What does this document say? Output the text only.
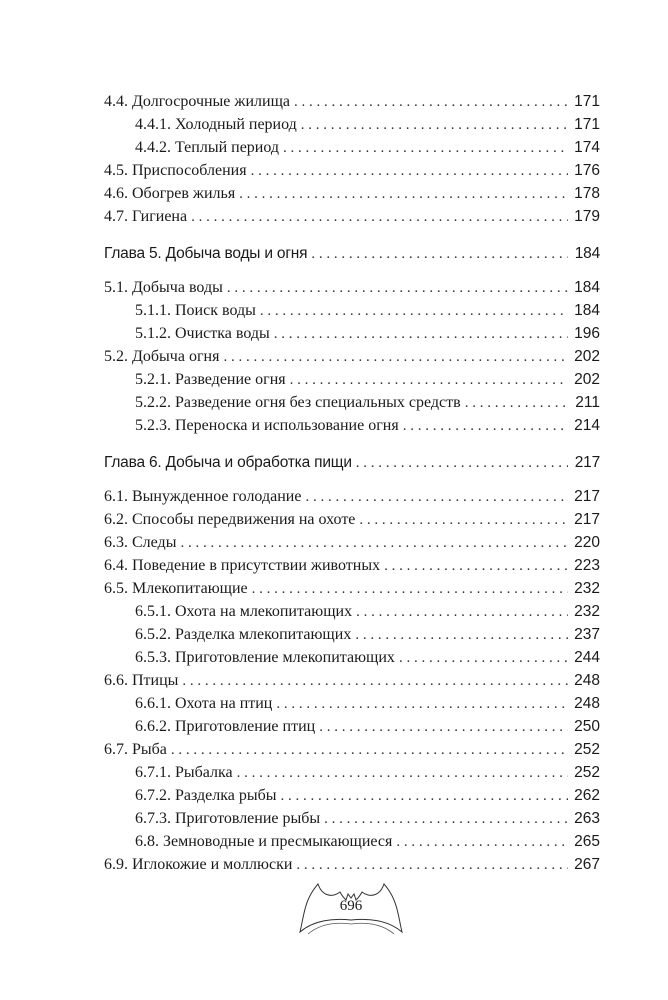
4.4. Долгосрочные жилища . . .	171
4.4.1. Холодный период . . .	171
4.4.2. Теплый период . . .	174
4.5. Приспособления . . .	176
4.6. Обогрев жилья . . .	178
4.7. Гигиена . . .	179
Глава 5. Добыча воды и огня . . .	184
5.1. Добыча воды . . .	184
5.1.1. Поиск воды . . .	184
5.1.2. Очистка воды . . .	196
5.2. Добыча огня . . .	202
5.2.1. Разведение огня . . .	202
5.2.2. Разведение огня без специальных средств . . .	211
5.2.3. Переноска и использование огня . . .	214
Глава 6. Добыча и обработка пищи . . .	217
6.1. Вынужденное голодание . . .	217
6.2. Способы передвижения на охоте . . .	217
6.3. Следы . . .	220
6.4. Поведение в присутствии животных . . .	223
6.5. Млекопитающие . . .	232
6.5.1. Охота на млекопитающих . . .	232
6.5.2. Разделка млекопитающих . . .	237
6.5.3. Приготовление млекопитающих . . .	244
6.6. Птицы . . .	248
6.6.1. Охота на птиц . . .	248
6.6.2. Приготовление птиц . . .	250
6.7. Рыба . . .	252
6.7.1. Рыбалка . . .	252
6.7.2. Разделка рыбы . . .	262
6.7.3. Приготовление рыбы . . .	263
6.8. Земноводные и пресмыкающиеся . . .	265
6.9. Иглокожие и моллюски . . .	267
696
